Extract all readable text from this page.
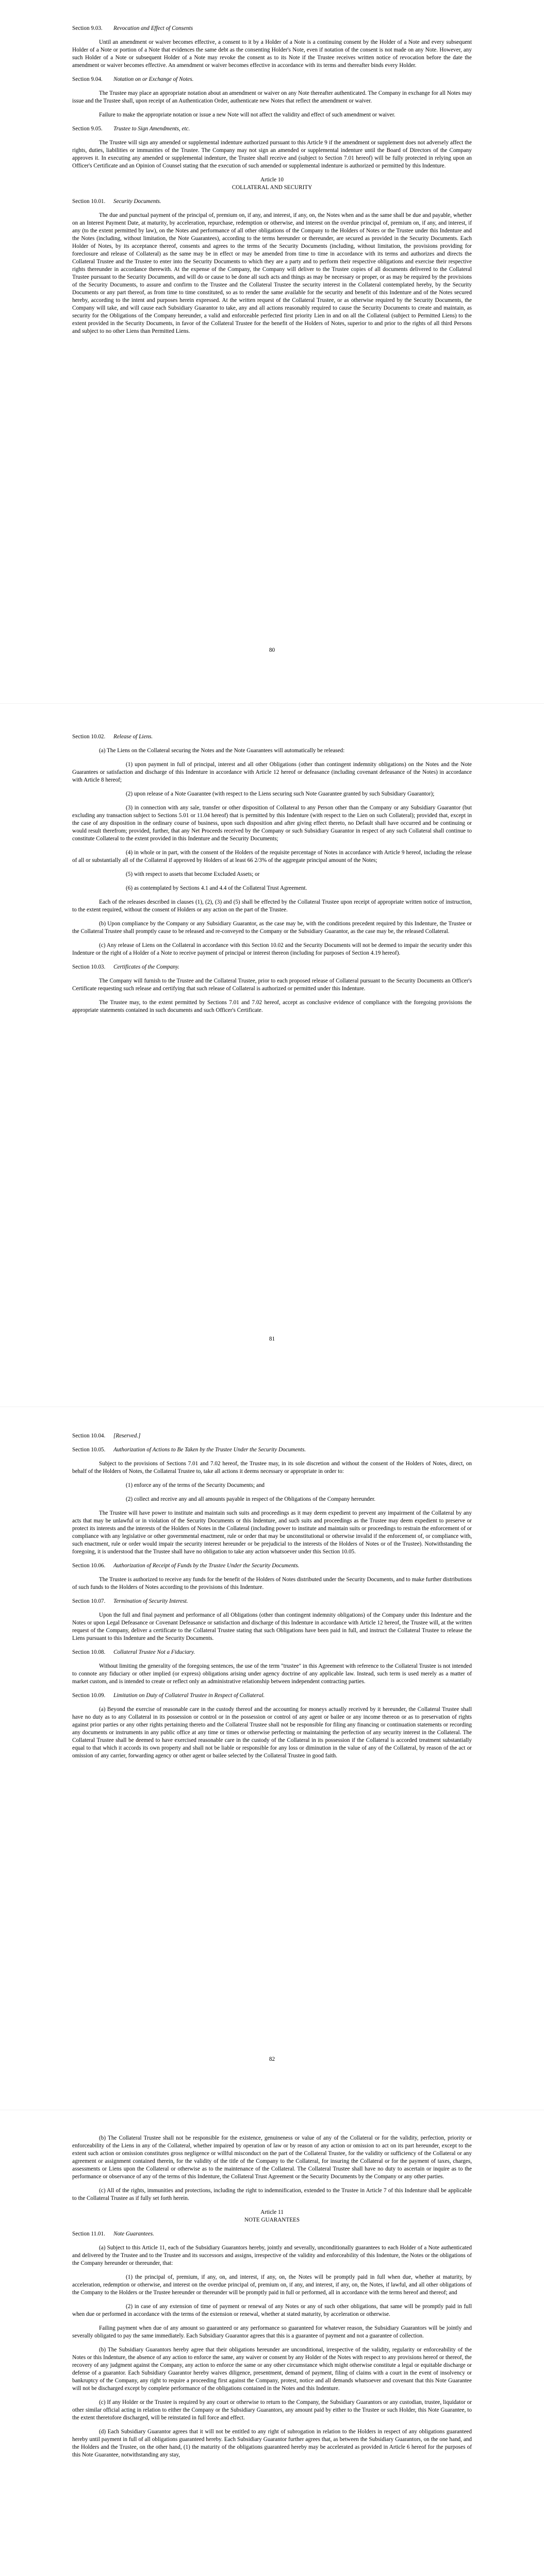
Section 9.03. Revocation and Effect of Consents

Until an amendment or waiver becomes effective, a consent to it by a Holder of a Note is a continuing consent by the Holder of a Note and every subsequent Holder of a Note or portion of a Note that evidences the same debt as the consenting Holder's Note, even if notation of the consent is not made on any Note. However, any such Holder of a Note or subsequent Holder of a Note may revoke the consent as to its Note if the Trustee receives written notice of revocation before the date the amendment or waiver becomes effective. An amendment or waiver becomes effective in accordance with its terms and thereafter binds every Holder.

Section 9.04. Notation on or Exchange of Notes.

The Trustee may place an appropriate notation about an amendment or waiver on any Note thereafter authenticated. The Company in exchange for all Notes may issue and the Trustee shall, upon receipt of an Authentication Order, authenticate new Notes that reflect the amendment or waiver.

Failure to make the appropriate notation or issue a new Note will not affect the validity and effect of such amendment or waiver.

Section 9.05. Trustee to Sign Amendments, etc.

The Trustee will sign any amended or supplemental indenture authorized pursuant to this Article 9 if the amendment or supplement does not adversely affect the rights, duties, liabilities or immunities of the Trustee. The Company may not sign an amended or supplemental indenture until the Board of Directors of the Company approves it. In executing any amended or supplemental indenture, the Trustee shall receive and (subject to Section 7.01 hereof) will be fully protected in relying upon an Officer's Certificate and an Opinion of Counsel stating that the execution of such amended or supplemental indenture is authorized or permitted by this Indenture.

Article 10
COLLATERAL AND SECURITY

Section 10.01. Security Documents.

The due and punctual payment of the principal of, premium on, if any, and interest, if any, on, the Notes when and as the same shall be due and payable, whether on an Interest Payment Date, at maturity, by acceleration, repurchase, redemption or otherwise, and interest on the overdue principal of, premium on, if any, and interest, if any (to the extent permitted by law), on the Notes and performance of all other obligations of the Company to the Holders of Notes or the Trustee under this Indenture and the Notes (including, without limitation, the Note Guarantees), according to the terms hereunder or thereunder, are secured as provided in the Security Documents. Each Holder of Notes, by its acceptance thereof, consents and agrees to the terms of the Security Documents (including, without limitation, the provisions providing for foreclosure and release of Collateral) as the same may be in effect or may be amended from time to time in accordance with its terms and authorizes and directs the Collateral Trustee and the Trustee to enter into the Security Documents to which they are a party and to perform their respective obligations and exercise their respective rights thereunder in accordance therewith. At the expense of the Company, the Company will deliver to the Trustee copies of all documents delivered to the Collateral Trustee pursuant to the Security Documents, and will do or cause to be done all such acts and things as may be necessary or proper, or as may be required by the provisions of the Security Documents, to assure and confirm to the Trustee and the Collateral Trustee the security interest in the Collateral contemplated hereby, by the Security Documents or any part thereof, as from time to time constituted, so as to render the same available for the security and benefit of this Indenture and of the Notes secured hereby, according to the intent and purposes herein expressed. At the written request of the Collateral Trustee, or as otherwise required by the Security Documents, the Company will take, and will cause each Subsidiary Guarantor to take, any and all actions reasonably required to cause the Security Documents to create and maintain, as security for the Obligations of the Company hereunder, a valid and enforceable perfected first priority Lien in and on all the Collateral (subject to Permitted Liens) to the extent provided in the Security Documents, in favor of the Collateral Trustee for the benefit of the Holders of Notes, superior to and prior to the rights of all third Persons and subject to no other Liens than Permitted Liens.

80

Section 10.02. Release of Liens.

(a) The Liens on the Collateral securing the Notes and the Note Guarantees will automatically be released:

(1) upon payment in full of principal, interest and all other Obligations (other than contingent indemnity obligations) on the Notes and the Note Guarantees or satisfaction and discharge of this Indenture in accordance with Article 12 hereof or defeasance (including covenant defeasance of the Notes) in accordance with Article 8 hereof;

(2) upon release of a Note Guarantee (with respect to the Liens securing such Note Guarantee granted by such Subsidiary Guarantor);

(3) in connection with any sale, transfer or other disposition of Collateral to any Person other than the Company or any Subsidiary Guarantor (but excluding any transaction subject to Sections 5.01 or 11.04 hereof) that is permitted by this Indenture (with respect to the Lien on such Collateral); provided that, except in the case of any disposition in the ordinary course of business, upon such disposition and after giving effect thereto, no Default shall have occurred and be continuing or would result therefrom; provided, further, that any Net Proceeds received by the Company or such Subsidiary Guarantor in respect of any such Collateral shall continue to constitute Collateral to the extent provided in this Indenture and the Security Documents;

(4) in whole or in part, with the consent of the Holders of the requisite percentage of Notes in accordance with Article 9 hereof, including the release of all or substantially all of the Collateral if approved by Holders of at least 66 2/3% of the aggregate principal amount of the Notes;

(5) with respect to assets that become Excluded Assets; or

(6) as contemplated by Sections 4.1 and 4.4 of the Collateral Trust Agreement.

Each of the releases described in clauses (1), (2), (3) and (5) shall be effected by the Collateral Trustee upon receipt of appropriate written notice of instruction, to the extent required, without the consent of Holders or any action on the part of the Trustee.

(b) Upon compliance by the Company or any Subsidiary Guarantor, as the case may be, with the conditions precedent required by this Indenture, the Trustee or the Collateral Trustee shall promptly cause to be released and re-conveyed to the Company or the Subsidiary Guarantor, as the case may be, the released Collateral.

(c) Any release of Liens on the Collateral in accordance with this Section 10.02 and the Security Documents will not be deemed to impair the security under this Indenture or the right of a Holder of a Note to receive payment of principal or interest thereon (including for purposes of Section 4.19 hereof).

Section 10.03. Certificates of the Company.

The Company will furnish to the Trustee and the Collateral Trustee, prior to each proposed release of Collateral pursuant to the Security Documents an Officer's Certificate requesting such release and certifying that such release of Collateral is authorized or permitted under this Indenture.

The Trustee may, to the extent permitted by Sections 7.01 and 7.02 hereof, accept as conclusive evidence of compliance with the foregoing provisions the appropriate statements contained in such documents and such Officer's Certificate.

81

Section 10.04. [Reserved.]

Section 10.05. Authorization of Actions to Be Taken by the Trustee Under the Security Documents.

Subject to the provisions of Sections 7.01 and 7.02 hereof, the Trustee may, in its sole discretion and without the consent of the Holders of Notes, direct, on behalf of the Holders of Notes, the Collateral Trustee to, take all actions it deems necessary or appropriate in order to:

(1) enforce any of the terms of the Security Documents; and

(2) collect and receive any and all amounts payable in respect of the Obligations of the Company hereunder.

The Trustee will have power to institute and maintain such suits and proceedings as it may deem expedient to prevent any impairment of the Collateral by any acts that may be unlawful or in violation of the Security Documents or this Indenture, and such suits and proceedings as the Trustee may deem expedient to preserve or protect its interests and the interests of the Holders of Notes in the Collateral (including power to institute and maintain suits or proceedings to restrain the enforcement of or compliance with any legislative or other governmental enactment, rule or order that may be unconstitutional or otherwise invalid if the enforcement of, or compliance with, such enactment, rule or order would impair the security interest hereunder or be prejudicial to the interests of the Holders of Notes or of the Trustee). Notwithstanding the foregoing, it is understood that the Trustee shall have no obligation to take any action whatsoever under this Section 10.05.

Section 10.06. Authorization of Receipt of Funds by the Trustee Under the Security Documents.

The Trustee is authorized to receive any funds for the benefit of the Holders of Notes distributed under the Security Documents, and to make further distributions of such funds to the Holders of Notes according to the provisions of this Indenture.

Section 10.07. Termination of Security Interest.

Upon the full and final payment and performance of all Obligations (other than contingent indemnity obligations) of the Company under this Indenture and the Notes or upon Legal Defeasance or Covenant Defeasance or satisfaction and discharge of this Indenture in accordance with Article 12 hereof, the Trustee will, at the written request of the Company, deliver a certificate to the Collateral Trustee stating that such Obligations have been paid in full, and instruct the Collateral Trustee to release the Liens pursuant to this Indenture and the Security Documents.

Section 10.08. Collateral Trustee Not a Fiduciary.

Without limiting the generality of the foregoing sentences, the use of the term "trustee" in this Agreement with reference to the Collateral Trustee is not intended to connote any fiduciary or other implied (or express) obligations arising under agency doctrine of any applicable law. Instead, such term is used merely as a matter of market custom, and is intended to create or reflect only an administrative relationship between independent contracting parties.

Section 10.09. Limitation on Duty of Collateral Trustee in Respect of Collateral.

(a) Beyond the exercise of reasonable care in the custody thereof and the accounting for moneys actually received by it hereunder, the Collateral Trustee shall have no duty as to any Collateral in its possession or control or in the possession or control of any agent or bailee or any income thereon or as to preservation of rights against prior parties or any other rights pertaining thereto and the Collateral Trustee shall not be responsible for filing any financing or continuation statements or recording any documents or instruments in any public office at any time or times or otherwise perfecting or maintaining the perfection of any security interest in the Collateral. The Collateral Trustee shall be deemed to have exercised reasonable care in the custody of the Collateral in its possession if the Collateral is accorded treatment substantially equal to that which it accords its own property and shall not be liable or responsible for any loss or diminution in the value of any of the Collateral, by reason of the act or omission of any carrier, forwarding agency or other agent or bailee selected by the Collateral Trustee in good faith.

82

(b) The Collateral Trustee shall not be responsible for the existence, genuineness or value of any of the Collateral or for the validity, perfection, priority or enforceability of the Liens in any of the Collateral, whether impaired by operation of law or by reason of any action or omission to act on its part hereunder, except to the extent such action or omission constitutes gross negligence or willful misconduct on the part of the Collateral Trustee, for the validity or sufficiency of the Collateral or any agreement or assignment contained therein, for the validity of the title of the Company to the Collateral, for insuring the Collateral or for the payment of taxes, charges, assessments or Liens upon the Collateral or otherwise as to the maintenance of the Collateral. The Collateral Trustee shall have no duty to ascertain or inquire as to the performance or observance of any of the terms of this Indenture, the Collateral Trust Agreement or the Security Documents by the Company or any other parties.

(c) All of the rights, immunities and protections, including the right to indemnification, extended to the Trustee in Article 7 of this Indenture shall be applicable to the Collateral Trustee as if fully set forth herein.

Article 11
NOTE GUARANTEES

Section 11.01. Note Guarantees.

(a) Subject to this Article 11, each of the Subsidiary Guarantors hereby, jointly and severally, unconditionally guarantees to each Holder of a Note authenticated and delivered by the Trustee and to the Trustee and its successors and assigns, irrespective of the validity and enforceability of this Indenture, the Notes or the obligations of the Company hereunder or thereunder, that:

(1) the principal of, premium, if any, on, and interest, if any, on, the Notes will be promptly paid in full when due, whether at maturity, by acceleration, redemption or otherwise, and interest on the overdue principal of, premium on, if any, and interest, if any, on, the Notes, if lawful, and all other obligations of the Company to the Holders or the Trustee hereunder or thereunder will be promptly paid in full or performed, all in accordance with the terms hereof and thereof; and

(2) in case of any extension of time of payment or renewal of any Notes or any of such other obligations, that same will be promptly paid in full when due or performed in accordance with the terms of the extension or renewal, whether at stated maturity, by acceleration or otherwise.

Failing payment when due of any amount so guaranteed or any performance so guaranteed for whatever reason, the Subsidiary Guarantors will be jointly and severally obligated to pay the same immediately. Each Subsidiary Guarantor agrees that this is a guarantee of payment and not a guarantee of collection.

(b) The Subsidiary Guarantors hereby agree that their obligations hereunder are unconditional, irrespective of the validity, regularity or enforceability of the Notes or this Indenture, the absence of any action to enforce the same, any waiver or consent by any Holder of the Notes with respect to any provisions hereof or thereof, the recovery of any judgment against the Company, any action to enforce the same or any other circumstance which might otherwise constitute a legal or equitable discharge or defense of a guarantor. Each Subsidiary Guarantor hereby waives diligence, presentment, demand of payment, filing of claims with a court in the event of insolvency or bankruptcy of the Company, any right to require a proceeding first against the Company, protest, notice and all demands whatsoever and covenant that this Note Guarantee will not be discharged except by complete performance of the obligations contained in the Notes and this Indenture.

(c) If any Holder or the Trustee is required by any court or otherwise to return to the Company, the Subsidiary Guarantors or any custodian, trustee, liquidator or other similar official acting in relation to either the Company or the Subsidiary Guarantors, any amount paid by either to the Trustee or such Holder, this Note Guarantee, to the extent theretofore discharged, will be reinstated in full force and effect.

(d) Each Subsidiary Guarantor agrees that it will not be entitled to any right of subrogation in relation to the Holders in respect of any obligations guaranteed hereby until payment in full of all obligations guaranteed hereby. Each Subsidiary Guarantor further agrees that, as between the Subsidiary Guarantors, on the one hand, and the Holders and the Trustee, on the other hand, (1) the maturity of the obligations guaranteed hereby may be accelerated as provided in Article 6 hereof for the purposes of this Note Guarantee, notwithstanding any stay,
